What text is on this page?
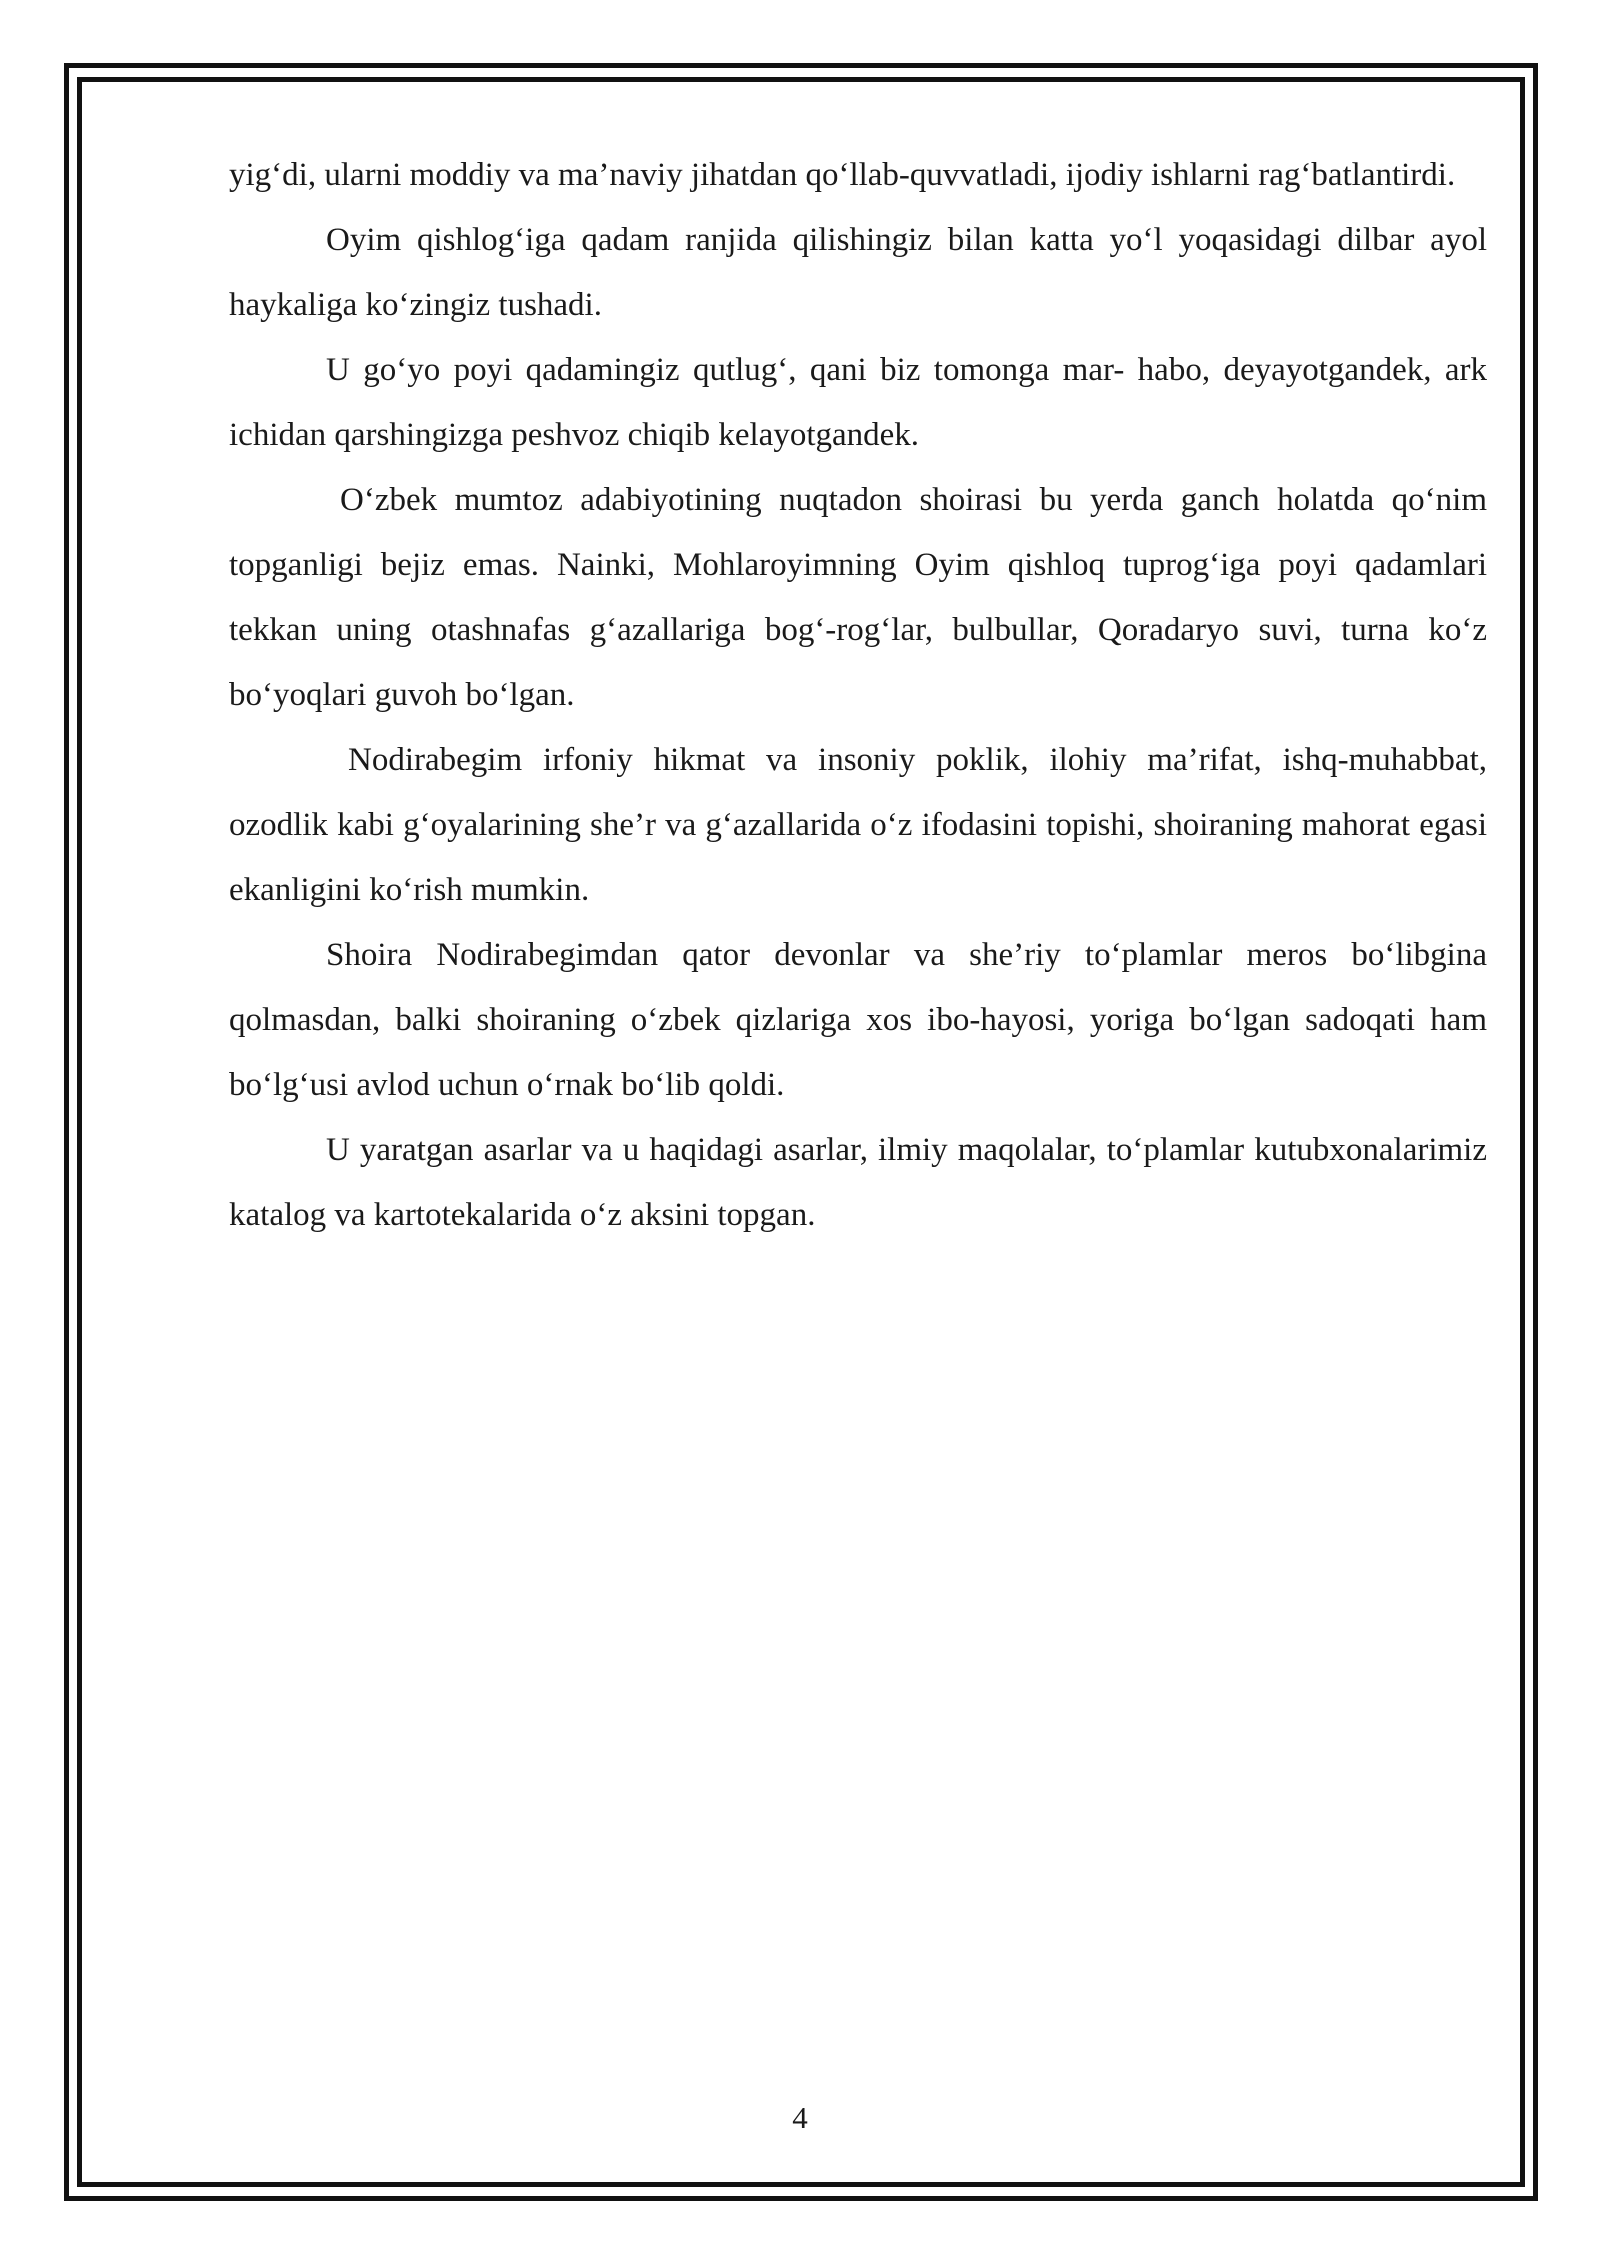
yig‘di, ularni moddiy va ma’naviy jihatdan qo‘llab-quvvatladi, ijodiy ishlarni rag‘batlantirdi.

Oyim qishlog‘iga qadam ranjida qilishingiz bilan katta yo‘l yoqasidagi dilbar ayol haykaliga ko‘zingiz tushadi.

U go‘yo poyi qadamingiz qutlug‘, qani biz tomonga mar- habo, deyayotgandek, ark ichidan qarshingizga peshvoz chiqib kelayotgandek.

O‘zbek mumtoz adabiyotining nuqtadon shoirasi bu yerda ganch holatda qo‘nim topganligi bejiz emas. Nainki, Mohlaroyimning Oyim qishloq tuprog‘iga poyi qadamlari tekkan uning otashnafas g‘azallariga bog‘-rog‘lar, bulbullar, Qoradaryo suvi, turna ko‘z bo‘yoqlari guvoh bo‘lgan.

Nodirabegim irfoniy hikmat va insoniy poklik, ilohiy ma’rifat, ishq-muhabbat, ozodlik kabi g‘oyalarining she’r va g‘azallarida o‘z ifodasini topishi, shoiraning mahorat egasi ekanligini ko‘rish mumkin.

Shoira Nodirabegimdan qator devonlar va she’riy to‘plamlar meros bo‘libgina qolmasdan, balki shoiraning o‘zbek qizlariga xos ibo-hayosi, yoriga bo‘lgan sadoqati ham bo‘lg‘usi avlod uchun o‘rnak bo‘lib qoldi.

U yaratgan asarlar va u haqidagi asarlar, ilmiy maqolalar, to‘plamlar kutubxonalarimiz katalog va kartotekalarida o‘z aksini topgan.

4
